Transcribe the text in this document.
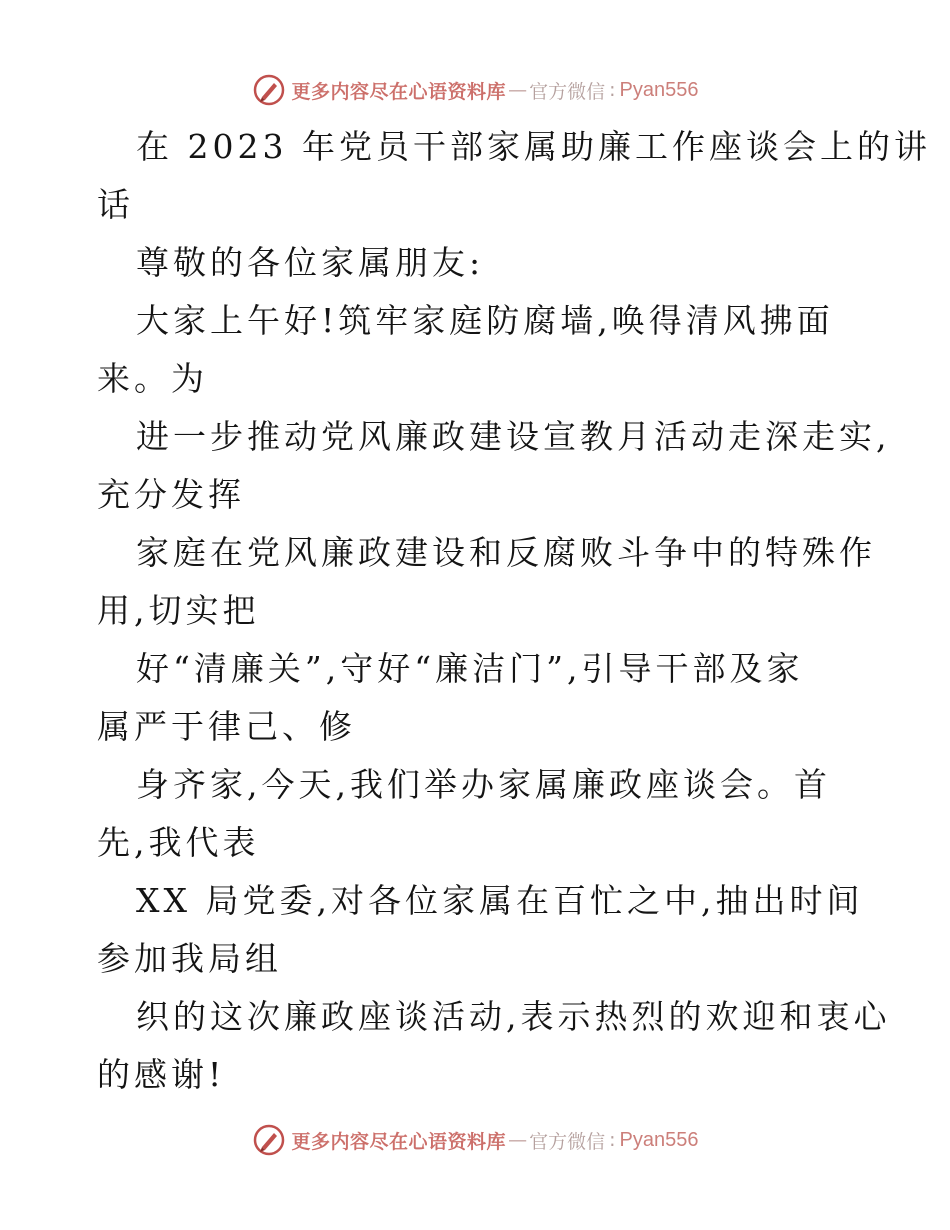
更多内容尽在心语资料库 — 官方微信 : Pyan556
在 2023 年党员干部家属助廉工作座谈会上的讲
话
尊敬的各位家属朋友:
大家上午好!筑牢家庭防腐墙,唤得清风拂面
来。为
进一步推动党风廉政建设宣教月活动走深走实,
充分发挥
家庭在党风廉政建设和反腐败斗争中的特殊作
用,切实把
好“清廉关”,守好“廉洁门”,引导干部及家
属严于律己、修
身齐家,今天,我们举办家属廉政座谈会。首
先,我代表
XX 局党委,对各位家属在百忙之中,抽出时间
参加我局组
织的这次廉政座谈活动,表示热烈的欢迎和衷心
的感谢!
更多内容尽在心语资料库 — 官方微信 : Pyan556
